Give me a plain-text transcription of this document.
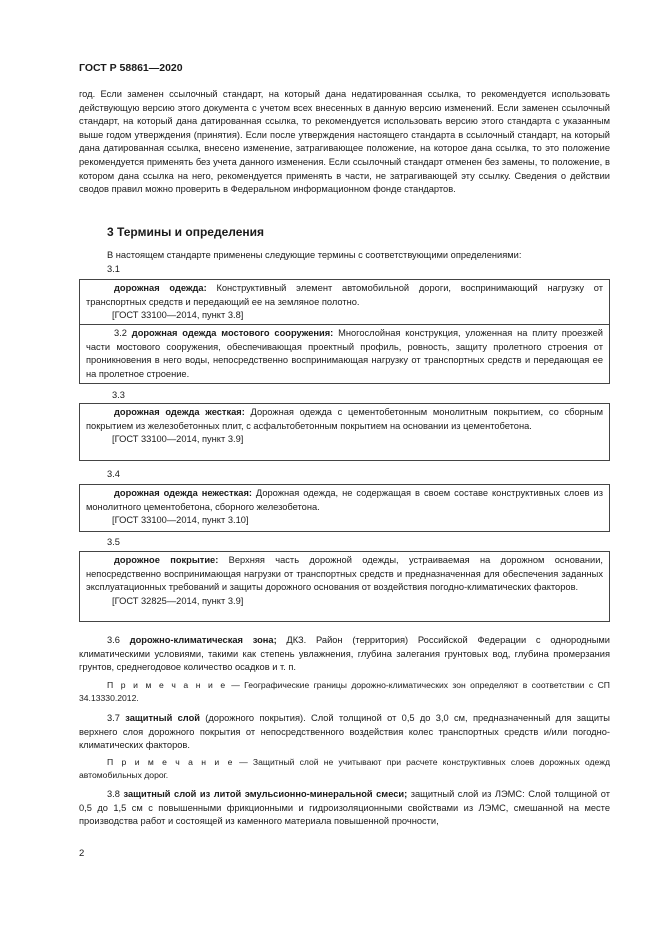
ГОСТ Р 58861—2020
год. Если заменен ссылочный стандарт, на который дана недатированная ссылка, то рекомендуется использовать действующую версию этого документа с учетом всех внесенных в данную версию изменений. Если заменен ссылочный стандарт, на который дана датированная ссылка, то рекомендуется использовать версию этого стандарта с указанным выше годом утверждения (принятия). Если после утверждения настоящего стандарта в ссылочный стандарт, на который дана датированная ссылка, внесено изменение, затрагивающее положение, на которое дана ссылка, то это положение рекомендуется применять без учета данного изменения. Если ссылочный стандарт отменен без замены, то положение, в котором дана ссылка на него, рекомендуется применять в части, не затрагивающей эту ссылку. Сведения о действии сводов правил можно проверить в Федеральном информационном фонде стандартов.
3 Термины и определения
В настоящем стандарте применены следующие термины с соответствующими определениями:
3.1
дорожная одежда: Конструктивный элемент автомобильной дороги, воспринимающий нагрузку от транспортных средств и передающий ее на земляное полотно.
[ГОСТ 33100—2014, пункт 3.8]
3.2 дорожная одежда мостового сооружения: Многослойная конструкция, уложенная на плиту проезжей части мостового сооружения, обеспечивающая проектный профиль, ровность, защиту пролетного строения от проникновения в него воды, непосредственно воспринимающая нагрузку от транспортных средств и передающая ее на пролетное строение.
3.3
дорожная одежда жесткая: Дорожная одежда с цементобетонным монолитным покрытием, со сборным покрытием из железобетонных плит, с асфальтобетонным покрытием на основании из цементобетона.
[ГОСТ 33100—2014, пункт 3.9]
3.4
дорожная одежда нежесткая: Дорожная одежда, не содержащая в своем составе конструктивных слоев из монолитного цементобетона, сборного железобетона.
[ГОСТ 33100—2014, пункт 3.10]
3.5
дорожное покрытие: Верхняя часть дорожной одежды, устраиваемая на дорожном основании, непосредственно воспринимающая нагрузки от транспортных средств и предназначенная для обеспечения заданных эксплуатационных требований и защиты дорожного основания от воздействия погодно-климатических факторов.
[ГОСТ 32825—2014, пункт 3.9]
3.6 дорожно-климатическая зона; ДКЗ. Район (территория) Российской Федерации с однородными климатическими условиями, такими как степень увлажнения, глубина залегания грунтовых вод, глубина промерзания грунтов, среднегодовое количество осадков и т. п.
П р и м е ч а н и е — Географические границы дорожно-климатических зон определяют в соответствии с СП 34.13330.2012.
3.7 защитный слой (дорожного покрытия). Слой толщиной от 0,5 до 3,0 см, предназначенный для защиты верхнего слоя дорожного покрытия от непосредственного воздействия колес транспортных средств и/или погодно-климатических факторов.
П р и м е ч а н и е — Защитный слой не учитывают при расчете конструктивных слоев дорожных одежд автомобильных дорог.
3.8 защитный слой из литой эмульсионно-минеральной смеси; защитный слой из ЛЭМС: Слой толщиной от 0,5 до 1,5 см с повышенными фрикционными и гидроизоляционными свойствами из ЛЭМС, смешанной на месте производства работ и состоящей из каменного материала повышенной прочности,
2
